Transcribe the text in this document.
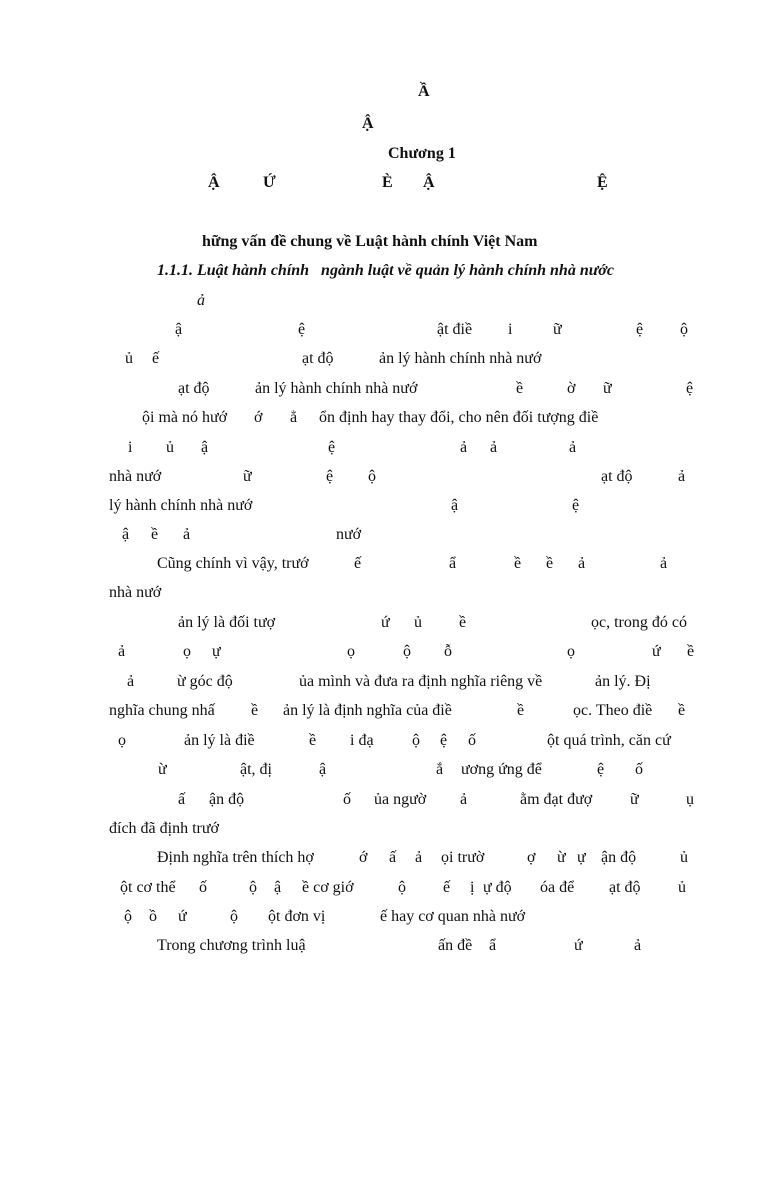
Ầ

Ậ

Chương 1

Ậ

	Ứ

	È

Ậ

	Ệ

hững vấn đề chung về Luật hành chính Việt Nam

1.1.1. Luật hành chính   ngành luật về quản lý hành chính nhà nước

ả

ậ

	ệ

	ật điề

i

	ữ

	ệ

ộ

ủ

ế

	ạt độ

	ản lý hành chính nhà nướ

ạt độ

	ản lý hành chính nhà nướ

	ề

	ờ

ữ

	ệ

ội mà nó hướ

ớ

ẳ

ổn định hay thay đổi, cho nên đối tượng điề

i

ủ

ậ

	ệ

	ả

ả

	ả

nhà nướ

	ữ

	ệ

ộ

	ạt độ

	ả

lý hành chính nhà nướ

	ậ

	ệ

ậ

ề

ả

	nướ

Cũng chính vì vậy, trướ

	ế

	ẩ

	ề

ề

ả

	ả

nhà nướ

ản lý là đối tượ

	ứ

ủ

ề

	ọc, trong đó có

ả

	ọ

ự

	ọ

	ộ

ỗ

	ọ

	ứ

ề

ả

	ừ góc độ

	ủa mình và đưa ra định nghĩa riêng về

	ản lý. Đị

nghĩa chung nhấ

ề

ản lý là định nghĩa của điề

	ề

	ọc. Theo điề

ề

ọ

	ản lý là điề

	ề

i đạ

ộ

ệ

ố

	ột quá trình, căn cứ

ừ

	ật, đị

	ậ

	ắ

ương ứng để

	ệ

ố

ấ

ận độ

	ố

ủa ngườ

ả

	ằm đạt đượ

ữ

	ụ

đích đã định trướ

Định nghĩa trên thích hợ

	ớ

ấ

ả

ọi trườ

	ợ

ừ

ự

ận độ

	ủ

ột cơ thể

ố

	ộ

ậ

ề cơ giớ

	ộ

ế

ị

ự độ

óa để

ạt độ

ủ

ộ

ồ

ứ

	ộ

ột đơn vị

	ế hay cơ quan nhà nướ

Trong chương trình luậ

	ấn đề

ẩ

	ứ

	ả
